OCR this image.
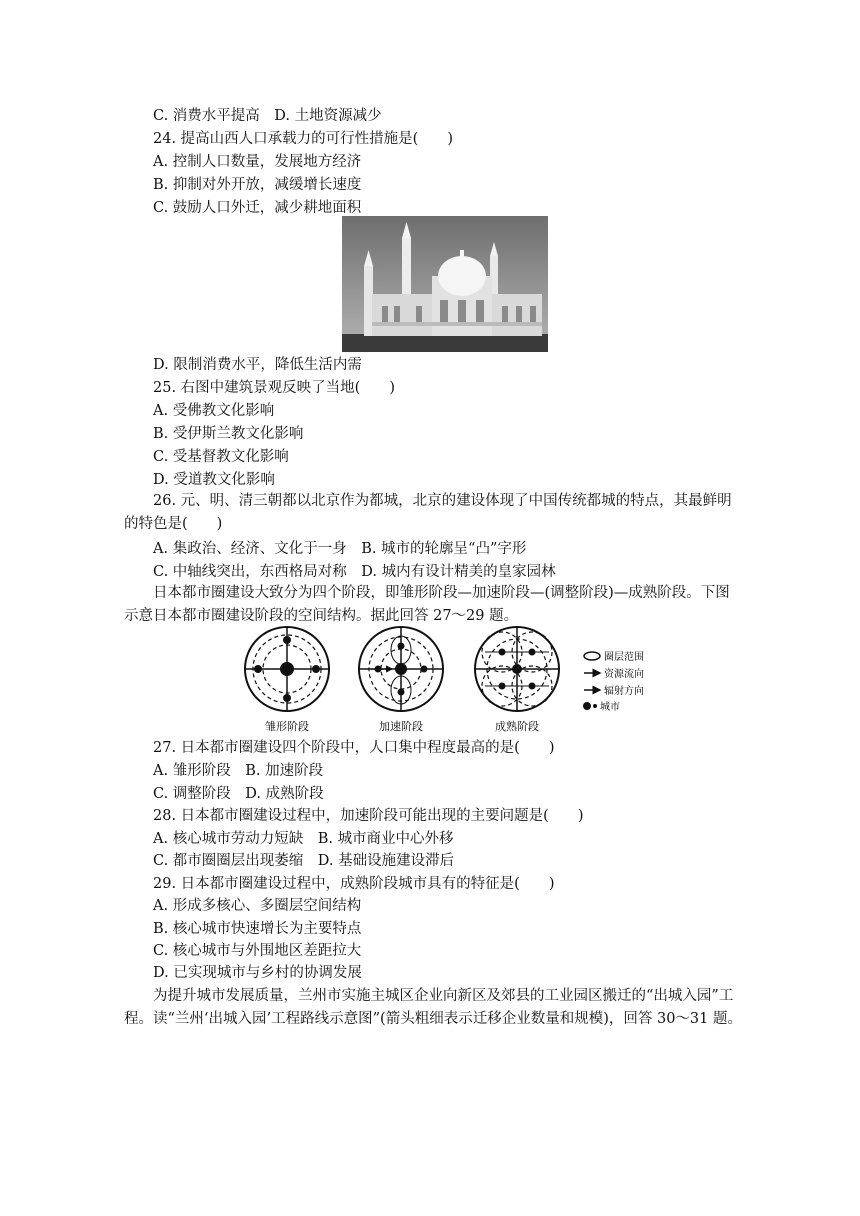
C. 消费水平提高　D. 土地资源减少
24. 提高山西人口承载力的可行性措施是(　　)
A. 控制人口数量，发展地方经济
B. 抑制对外开放，减缓增长速度
C. 鼓励人口外迁，减少耕地面积
D. 限制消费水平，降低生活内需
25. 右图中建筑景观反映了当地(　　)
A. 受佛教文化影响
B. 受伊斯兰教文化影响
C. 受基督教文化影响
D. 受道教文化影响
26. 元、明、清三朝都以北京作为都城，北京的建设体现了中国传统都城的特点，其最鲜明的特色是(　　)
A. 集政治、经济、文化于一身　B. 城市的轮廓呈“凸”字形
C. 中轴线突出，东西格局对称　D. 城内有设计精美的皇家园林
日本都市圈建设大致分为四个阶段，即雏形阶段—加速阶段—(调整阶段)—成熟阶段。下图示意日本都市圈建设阶段的空间结构。据此回答 27～29 题。
雏形阶段	加速阶段	成熟阶段
圈层范围
资源流向
辐射方向
城市
27. 日本都市圈建设四个阶段中，人口集中程度最高的是(　　)
A. 雏形阶段　B. 加速阶段
C. 调整阶段　D. 成熟阶段
28. 日本都市圈建设过程中，加速阶段可能出现的主要问题是(　　)
A. 核心城市劳动力短缺　B. 城市商业中心外移
C. 都市圈圈层出现萎缩　D. 基础设施建设滞后
29. 日本都市圈建设过程中，成熟阶段城市具有的特征是(　　)
A. 形成多核心、多圈层空间结构
B. 核心城市快速增长为主要特点
C. 核心城市与外围地区差距拉大
D. 已实现城市与乡村的协调发展
为提升城市发展质量，兰州市实施主城区企业向新区及郊县的工业园区搬迁的“出城入园”工程。读“兰州‘出城入园’工程路线示意图”(箭头粗细表示迁移企业数量和规模)，回答 30～31 题。
